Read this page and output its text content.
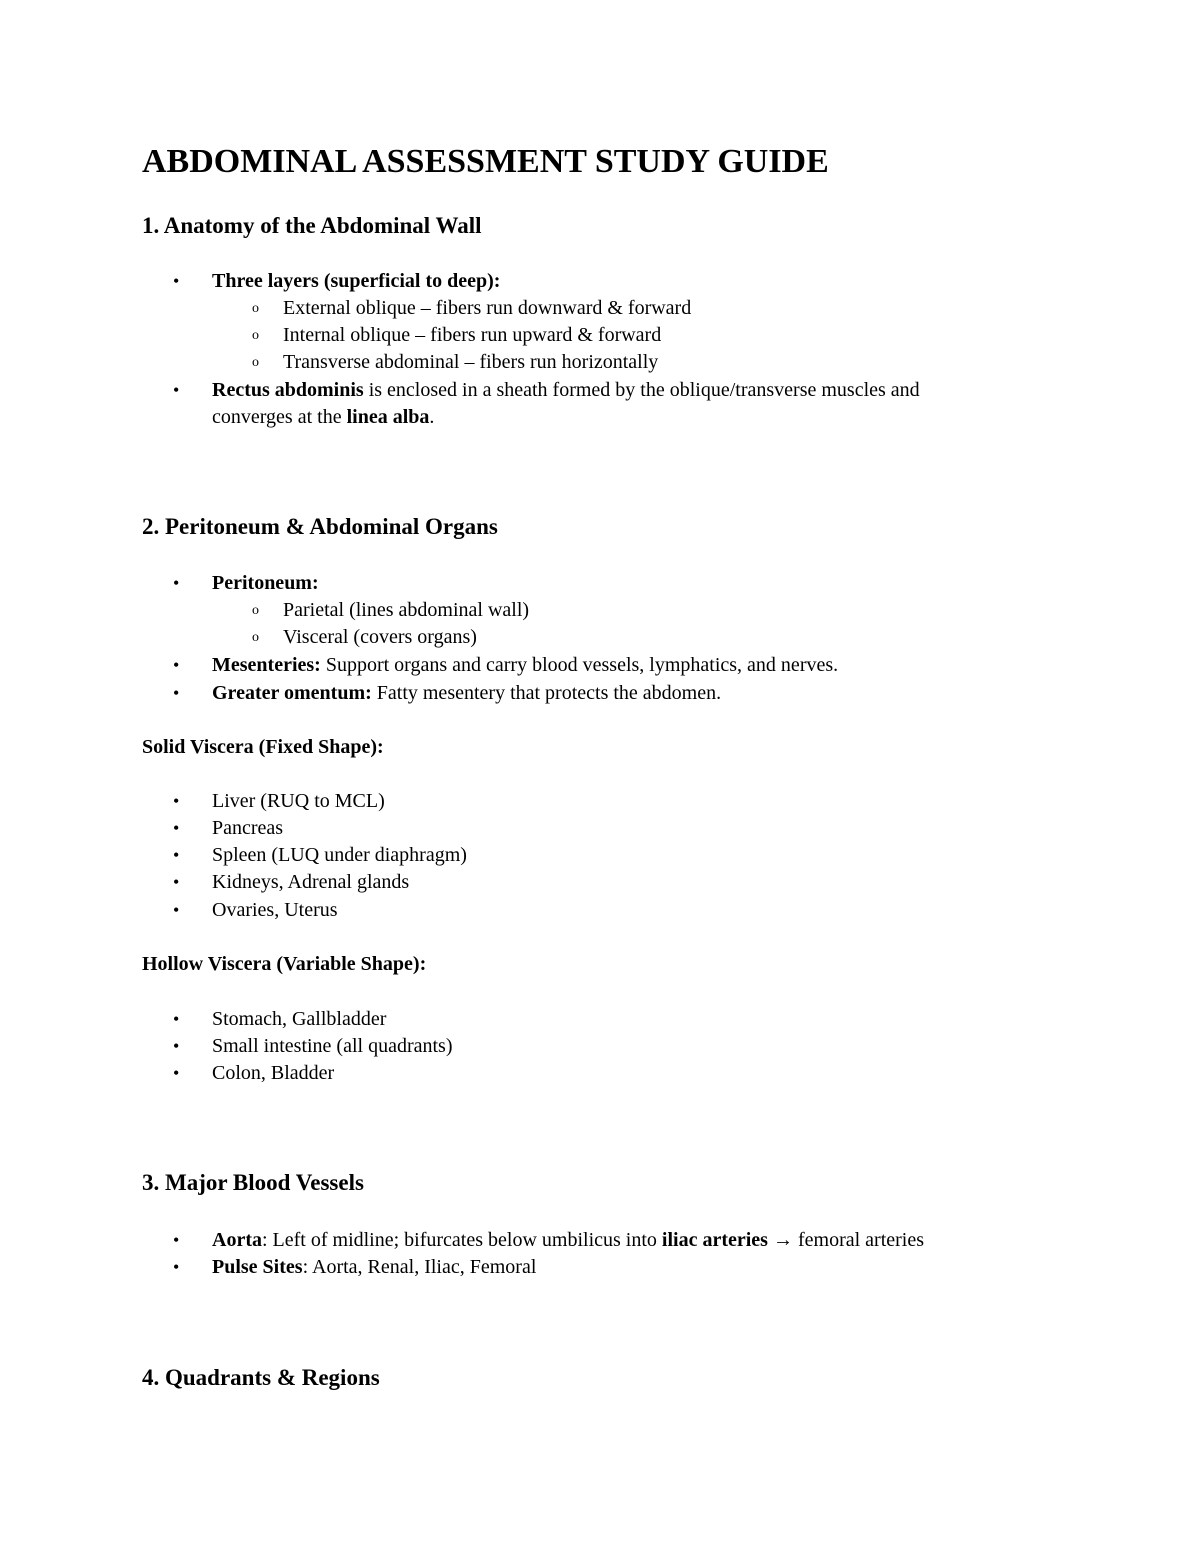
ABDOMINAL ASSESSMENT STUDY GUIDE
1. Anatomy of the Abdominal Wall
• Three layers (superficial to deep):
o External oblique – fibers run downward & forward
o Internal oblique – fibers run upward & forward
o Transverse abdominal – fibers run horizontally
• Rectus abdominis is enclosed in a sheath formed by the oblique/transverse muscles and
converges at the linea alba.
2. Peritoneum & Abdominal Organs
• Peritoneum:
o Parietal (lines abdominal wall)
o Visceral (covers organs)
• Mesenteries: Support organs and carry blood vessels, lymphatics, and nerves.
• Greater omentum: Fatty mesentery that protects the abdomen.
Solid Viscera (Fixed Shape):
• Liver (RUQ to MCL)
• Pancreas
• Spleen (LUQ under diaphragm)
• Kidneys, Adrenal glands
• Ovaries, Uterus
Hollow Viscera (Variable Shape):
• Stomach, Gallbladder
• Small intestine (all quadrants)
• Colon, Bladder
3. Major Blood Vessels
• Aorta: Left of midline; bifurcates below umbilicus into iliac arteries → femoral arteries
• Pulse Sites: Aorta, Renal, Iliac, Femoral
4. Quadrants & Regions
